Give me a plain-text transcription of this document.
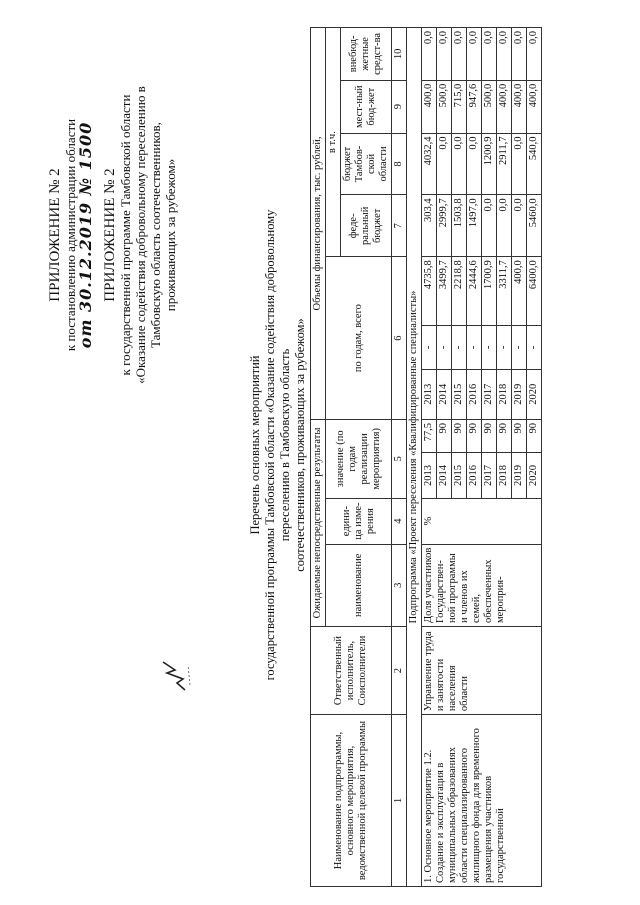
ПРИЛОЖЕНИЕ № 2 к постановлению администрации области
от 30.12.2019 № 1500 ПРИЛОЖЕНИЕ № 2 к государственной программе Тамбовской области «Оказание содействия добровольному переселению в Тамбовскую область соотечественников, проживающих за рубежом»
Перечень основных мероприятий государственной программы Тамбовской области «Оказание содействия добровольному переселению в Тамбовскую область соотечественников, проживающих за рубежом»
Наименование подпрограммы, основного мероприятия, ведомственной целевой программы	Ответственный исполнитель, Соисполнители	Ожидаемые непосредственные результаты				Объемы финансирования, тыс. рублей,						
		наименование	едини-ца изме-рения	значение (по годам реализации мероприятия)		по годам, всего			в т.ч.			
									феде-ральный бюджет	бюджет Тамбов-ской области	мест-ный бюд-жет	внебюд-жетные средст-ва
1	2	3	4	5		6			7	8	9	10
Подпрограмма «Проект переселения «Квалифицированные специалисты»												
1. Основное мероприятие 1.2. Создание и эксплуатация в муниципальных образованиях области специализированного жилищного фонда для временного размещения участников государственной	Управление труда и занятости населения области	Доля участников Государствен-ной программы и членов их семей, обеспеченных мероприя-	%	2013	77,5	2013	-	4735,8	303,4	4032,4	400,0	0,0
				2014	90	2014	-	3499,7	2999,7	0,0	500,0	0,0
				2015	90	2015	-	2218,8	1503,8	0,0	715,0	0,0
				2016	90	2016	-	2444,6	1497,0	0,0	947,6	0,0
				2017	90	2017	-	1700,9	0,0	1200,9	500,0	0,0
				2018	90	2018	-	3311,7	0,0	2911,7	400,0	0,0
				2019	90	2019	-	400,0	0,0	0,0	400,0	0,0
				2020	90	2020	-	6400,0	5460,0	540,0	400,0	0,0
